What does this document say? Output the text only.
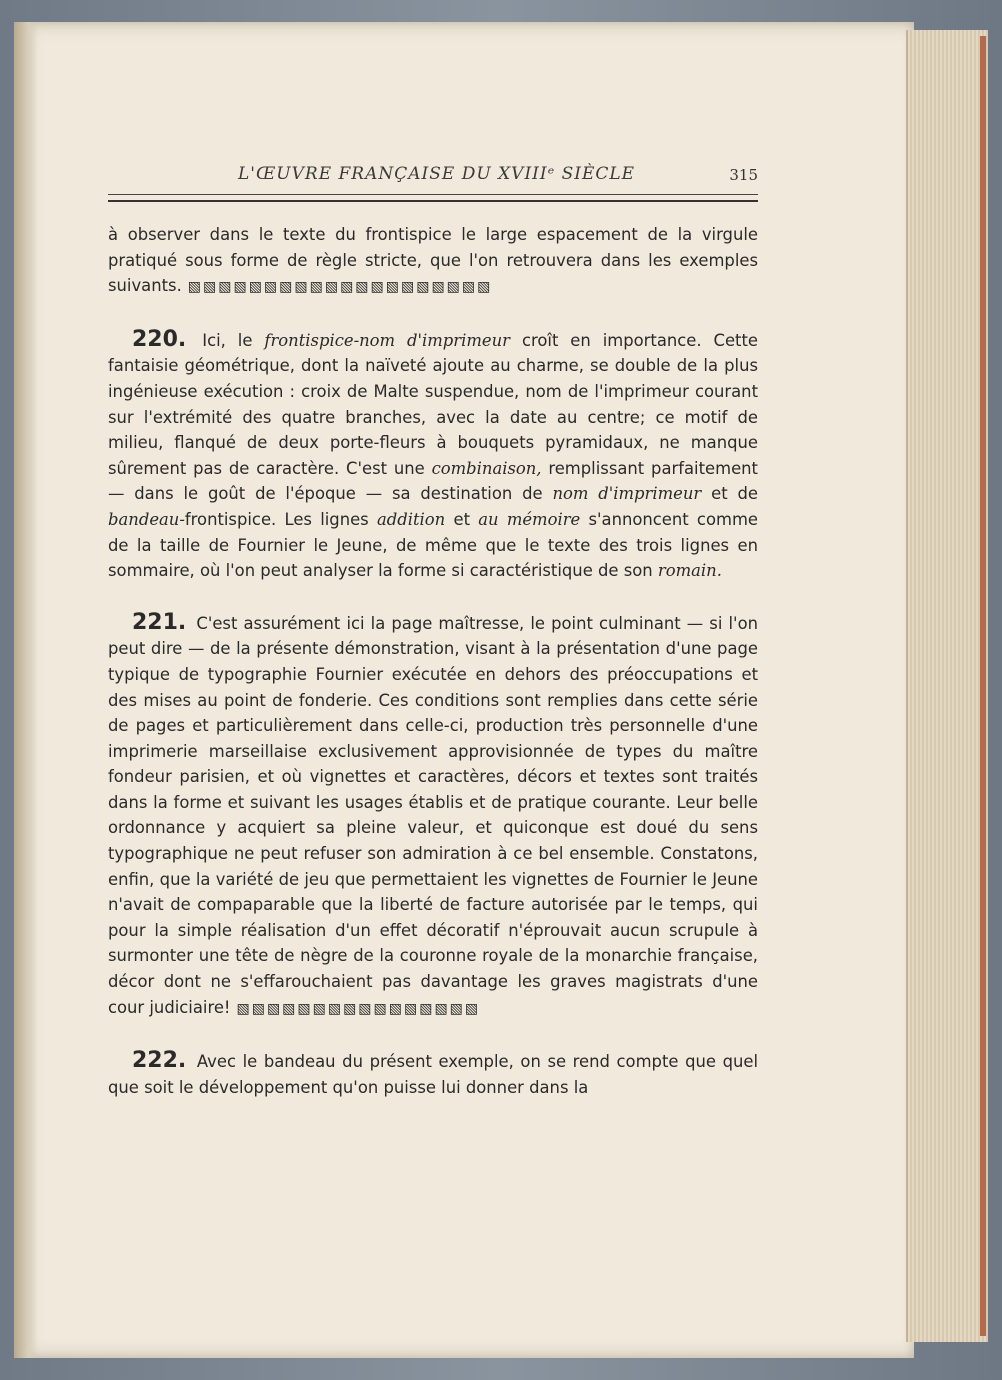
L'ŒUVRE FRANÇAISE DU XVIIIᵉ SIÈCLE	315

à observer dans le texte du frontispice le large espacement de la virgule pratiqué sous forme de règle stricte, que l'on retrouvera dans les exemples suivants. ▧▧▧▧▧▧▧▧▧▧▧▧▧▧▧▧▧▧▧▧

220. Ici, le frontispice-nom d'imprimeur croît en importance. Cette fantaisie géométrique, dont la naïveté ajoute au charme, se double de la plus ingénieuse exécution : croix de Malte suspendue, nom de l'imprimeur courant sur l'extrémité des quatre branches, avec la date au centre; ce motif de milieu, flanqué de deux porte-fleurs à bouquets pyramidaux, ne manque sûrement pas de caractère. C'est une combinaison, remplissant parfaitement — dans le goût de l'époque — sa destination de nom d'imprimeur et de bandeau-frontispice. Les lignes addition et au mémoire s'annoncent comme de la taille de Fournier le Jeune, de même que le texte des trois lignes en sommaire, où l'on peut analyser la forme si caractéristique de son romain.

221. C'est assurément ici la page maîtresse, le point culminant — si l'on peut dire — de la présente démonstration, visant à la présentation d'une page typique de typographie Fournier exécutée en dehors des préoccupations et des mises au point de fonderie. Ces conditions sont remplies dans cette série de pages et particulièrement dans celle-ci, production très personnelle d'une imprimerie marseillaise exclusivement approvisionnée de types du maître fondeur parisien, et où vignettes et caractères, décors et textes sont traités dans la forme et suivant les usages établis et de pratique courante. Leur belle ordonnance y acquiert sa pleine valeur, et quiconque est doué du sens typographique ne peut refuser son admiration à ce bel ensemble. Constatons, enfin, que la variété de jeu que permettaient les vignettes de Fournier le Jeune n'avait de compaparable que la liberté de facture autorisée par le temps, qui pour la simple réalisation d'un effet décoratif n'éprouvait aucun scrupule à surmonter une tête de nègre de la couronne royale de la monarchie française, décor dont ne s'effarouchaient pas davantage les graves magistrats d'une cour judiciaire! ▧▧▧▧▧▧▧▧▧▧▧▧▧▧▧▧

222. Avec le bandeau du présent exemple, on se rend compte que quel que soit le développement qu'on puisse lui donner dans la
